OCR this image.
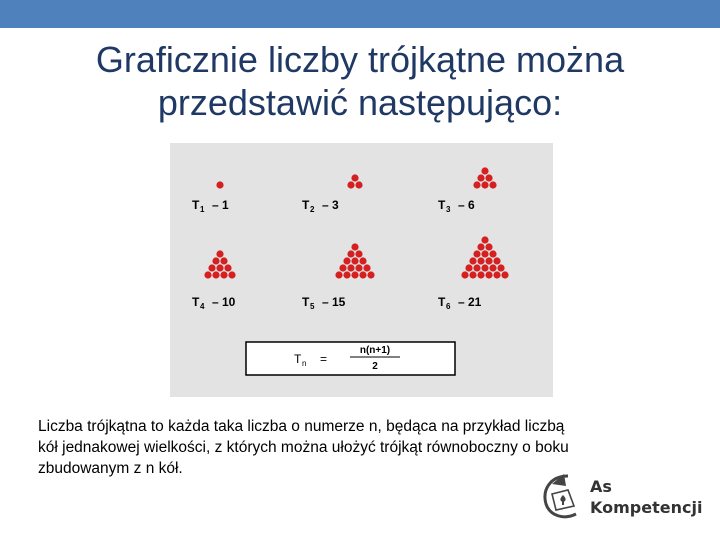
Graficznie liczby trójkątne można
przedstawić następująco:
T 1 – 1	T 2 – 3	T 3 – 6
T 4 – 10	T 5 – 15	T 6 – 21
T n =
n(n+1)
2
Liczba trójkątna to każda taka liczba o numerze n, będąca na przykład liczbą
kół jednakowej wielkości, z których można ułożyć trójkąt równoboczny o boku
zbudowanym z n kół.
As
Kompetencji
